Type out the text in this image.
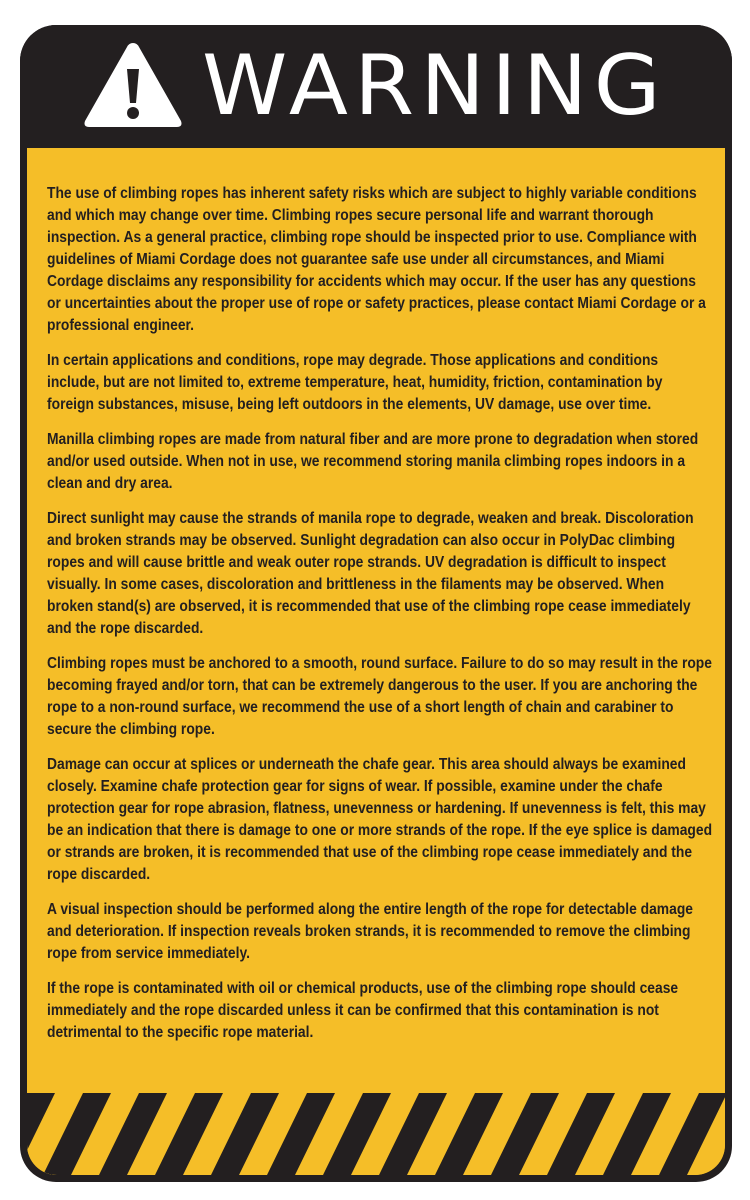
WARNING

The use of climbing ropes has inherent safety risks which are subject to highly variable conditions and which may change over time. Climbing ropes secure personal life and warrant thorough inspection. As a general practice, climbing rope should be inspected prior to use. Compliance with guidelines of Miami Cordage does not guarantee safe use under all circumstances, and Miami Cordage disclaims any responsibility for accidents which may occur. If the user has any questions or uncertainties about the proper use of rope or safety practices, please contact Miami Cordage or a professional engineer.

In certain applications and conditions, rope may degrade. Those applications and conditions include, but are not limited to, extreme temperature, heat, humidity, friction, contamination by foreign substances, misuse, being left outdoors in the elements, UV damage, use over time.

Manilla climbing ropes are made from natural fiber and are more prone to degradation when stored and/or used outside. When not in use, we recommend storing manila climbing ropes indoors in a clean and dry area.

Direct sunlight may cause the strands of manila rope to degrade, weaken and break. Discoloration and broken strands may be observed. Sunlight degradation can also occur in PolyDac climbing ropes and will cause brittle and weak outer rope strands. UV degradation is difficult to inspect visually. In some cases, discoloration and brittleness in the filaments may be observed. When broken stand(s) are observed, it is recommended that use of the climbing rope cease immediately and the rope discarded.

Climbing ropes must be anchored to a smooth, round surface. Failure to do so may result in the rope becoming frayed and/or torn, that can be extremely dangerous to the user. If you are anchoring the rope to a non-round surface, we recommend the use of a short length of chain and carabiner to secure the climbing rope.

Damage can occur at splices or underneath the chafe gear. This area should always be examined closely. Examine chafe protection gear for signs of wear. If possible, examine under the chafe protection gear for rope abrasion, flatness, unevenness or hardening. If unevenness is felt, this may be an indication that there is damage to one or more strands of the rope. If the eye splice is damaged or strands are broken, it is recommended that use of the climbing rope cease immediately and the rope discarded.

A visual inspection should be performed along the entire length of the rope for detectable damage and deterioration. If inspection reveals broken strands, it is recommended to remove the climbing rope from service immediately.

If the rope is contaminated with oil or chemical products, use of the climbing rope should cease immediately and the rope discarded unless it can be confirmed that this contamination is not detrimental to the specific rope material.
